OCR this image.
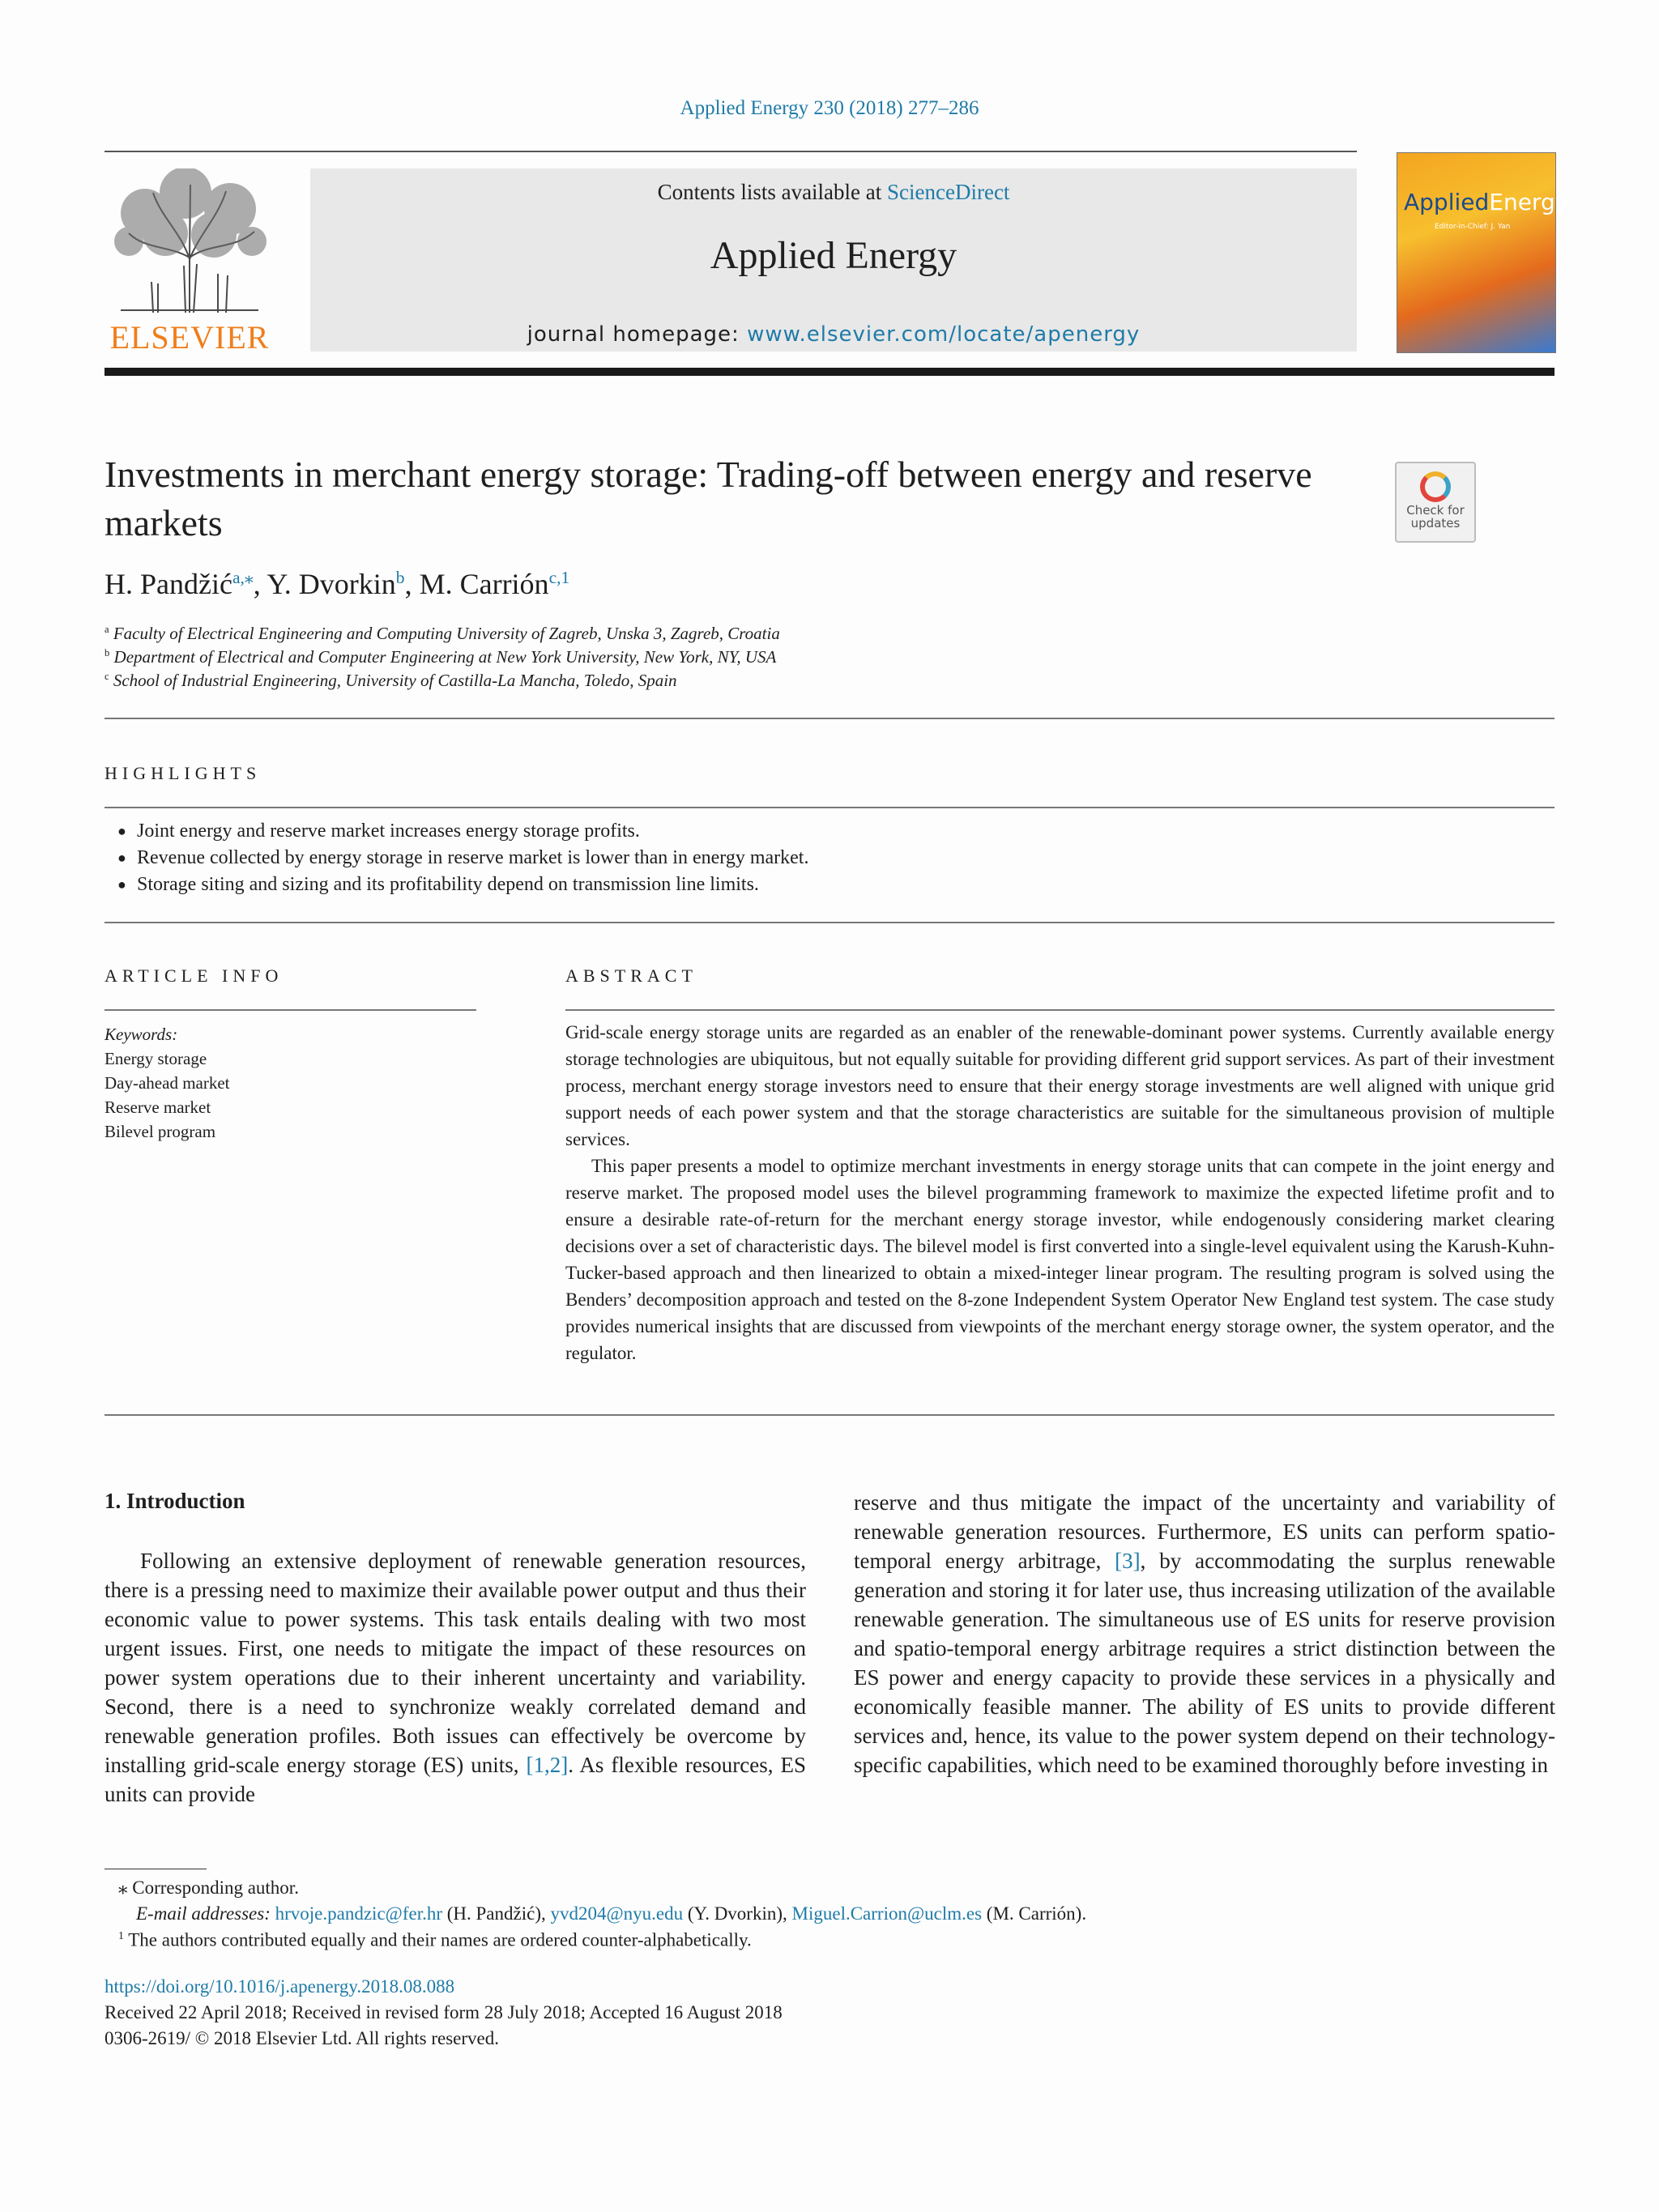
Applied Energy 230 (2018) 277–286
ELSEVIER
Contents lists available at ScienceDirect
Applied Energy
journal homepage: www.elsevier.com/locate/apenergy
AppliedEnergy
Editor-in-Chief: J. Yan
Investments in merchant energy storage: Trading-off between energy and reserve markets	Check for updates
H. Pandžić$^{a,⁎}$, Y. Dvorkin$^b$, M. Carrión$^{c,1}$
$^a$ Faculty of Electrical Engineering and Computing University of Zagreb, Unska 3, Zagreb, Croatia
$^b$ Department of Electrical and Computer Engineering at New York University, New York, NY, USA
$^c$ School of Industrial Engineering, University of Castilla-La Mancha, Toledo, Spain
HIGHLIGHTS
● Joint energy and reserve market increases energy storage profits.
● Revenue collected by energy storage in reserve market is lower than in energy market.
● Storage siting and sizing and its profitability depend on transmission line limits.
ARTICLE INFO	ABSTRACT
Keywords:
Energy storage
Day-ahead market
Reserve market
Bilevel program

Grid-scale energy storage units are regarded as an enabler of the renewable-dominant power systems. Currently available energy storage technologies are ubiquitous, but not equally suitable for providing different grid support services. As part of their investment process, merchant energy storage investors need to ensure that their energy storage investments are well aligned with unique grid support needs of each power system and that the storage characteristics are suitable for the simultaneous provision of multiple services.

This paper presents a model to optimize merchant investments in energy storage units that can compete in the joint energy and reserve market. The proposed model uses the bilevel programming framework to maximize the expected lifetime profit and to ensure a desirable rate-of-return for the merchant energy storage investor, while endogenously considering market clearing decisions over a set of characteristic days. The bilevel model is first converted into a single-level equivalent using the Karush-Kuhn-Tucker-based approach and then linearized to obtain a mixed-integer linear program. The resulting program is solved using the Benders’ decomposition approach and tested on the 8-zone Independent System Operator New England test system. The case study provides numerical insights that are discussed from viewpoints of the merchant energy storage owner, the system operator, and the regulator.

1. Introduction
Following an extensive deployment of renewable generation resources, there is a pressing need to maximize their available power output and thus their economic value to power systems. This task entails dealing with two most urgent issues. First, one needs to mitigate the impact of these resources on power system operations due to their inherent uncertainty and variability. Second, there is a need to synchronize weakly correlated demand and renewable generation profiles. Both issues can effectively be overcome by installing grid-scale energy storage (ES) units, [1,2]. As flexible resources, ES units can provide
reserve and thus mitigate the impact of the uncertainty and variability of renewable generation resources. Furthermore, ES units can perform spatio-temporal energy arbitrage, [3], by accommodating the surplus renewable generation and storing it for later use, thus increasing utilization of the available renewable generation. The simultaneous use of ES units for reserve provision and spatio-temporal energy arbitrage requires a strict distinction between the ES power and energy capacity to provide these services in a physically and economically feasible manner. The ability of ES units to provide different services and, hence, its value to the power system depend on their technology-specific capabilities, which need to be examined thoroughly before investing in
⁎ Corresponding author.
E-mail addresses: hrvoje.pandzic@fer.hr (H. Pandžić), yvd204@nyu.edu (Y. Dvorkin), Miguel.Carrion@uclm.es (M. Carrión).
$^1$ The authors contributed equally and their names are ordered counter-alphabetically.
https://doi.org/10.1016/j.apenergy.2018.08.088
Received 22 April 2018; Received in revised form 28 July 2018; Accepted 16 August 2018
0306-2619/ © 2018 Elsevier Ltd. All rights reserved.
